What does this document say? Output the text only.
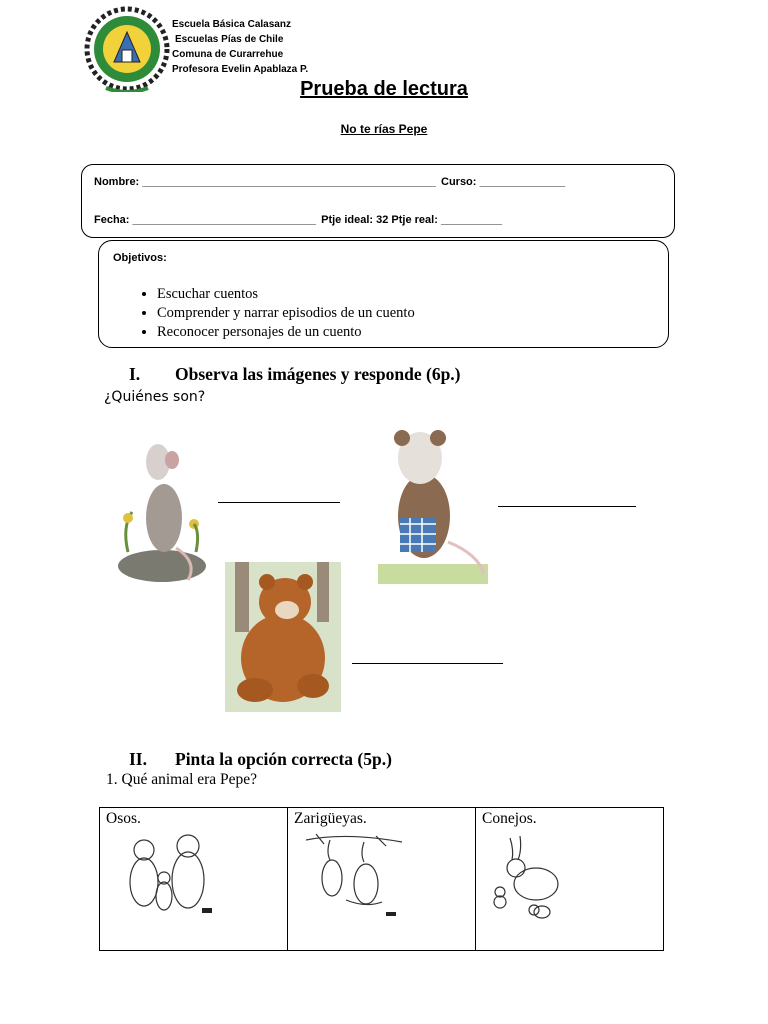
Escuela Básica Calasanz
Escuelas Pías de Chile
Comuna de Curarrehue
Profesora Evelin Apablaza P.
Prueba de lectura
No te rías Pepe
Nombre: ________________________________________________ Curso: ______________
Fecha: ______________________________ Ptje ideal: 32 Ptje real: __________
Objetivos:
• Escuchar cuentos
• Comprender y narrar episodios de un cuento
• Reconocer personajes de un cuento
I. Observa las imágenes y responde (6p.)
¿Quiénes son?
II. Pinta la opción correcta (5p.)
1. Qué animal era Pepe?
Osos.	Zarigüeyas.	Conejos.
